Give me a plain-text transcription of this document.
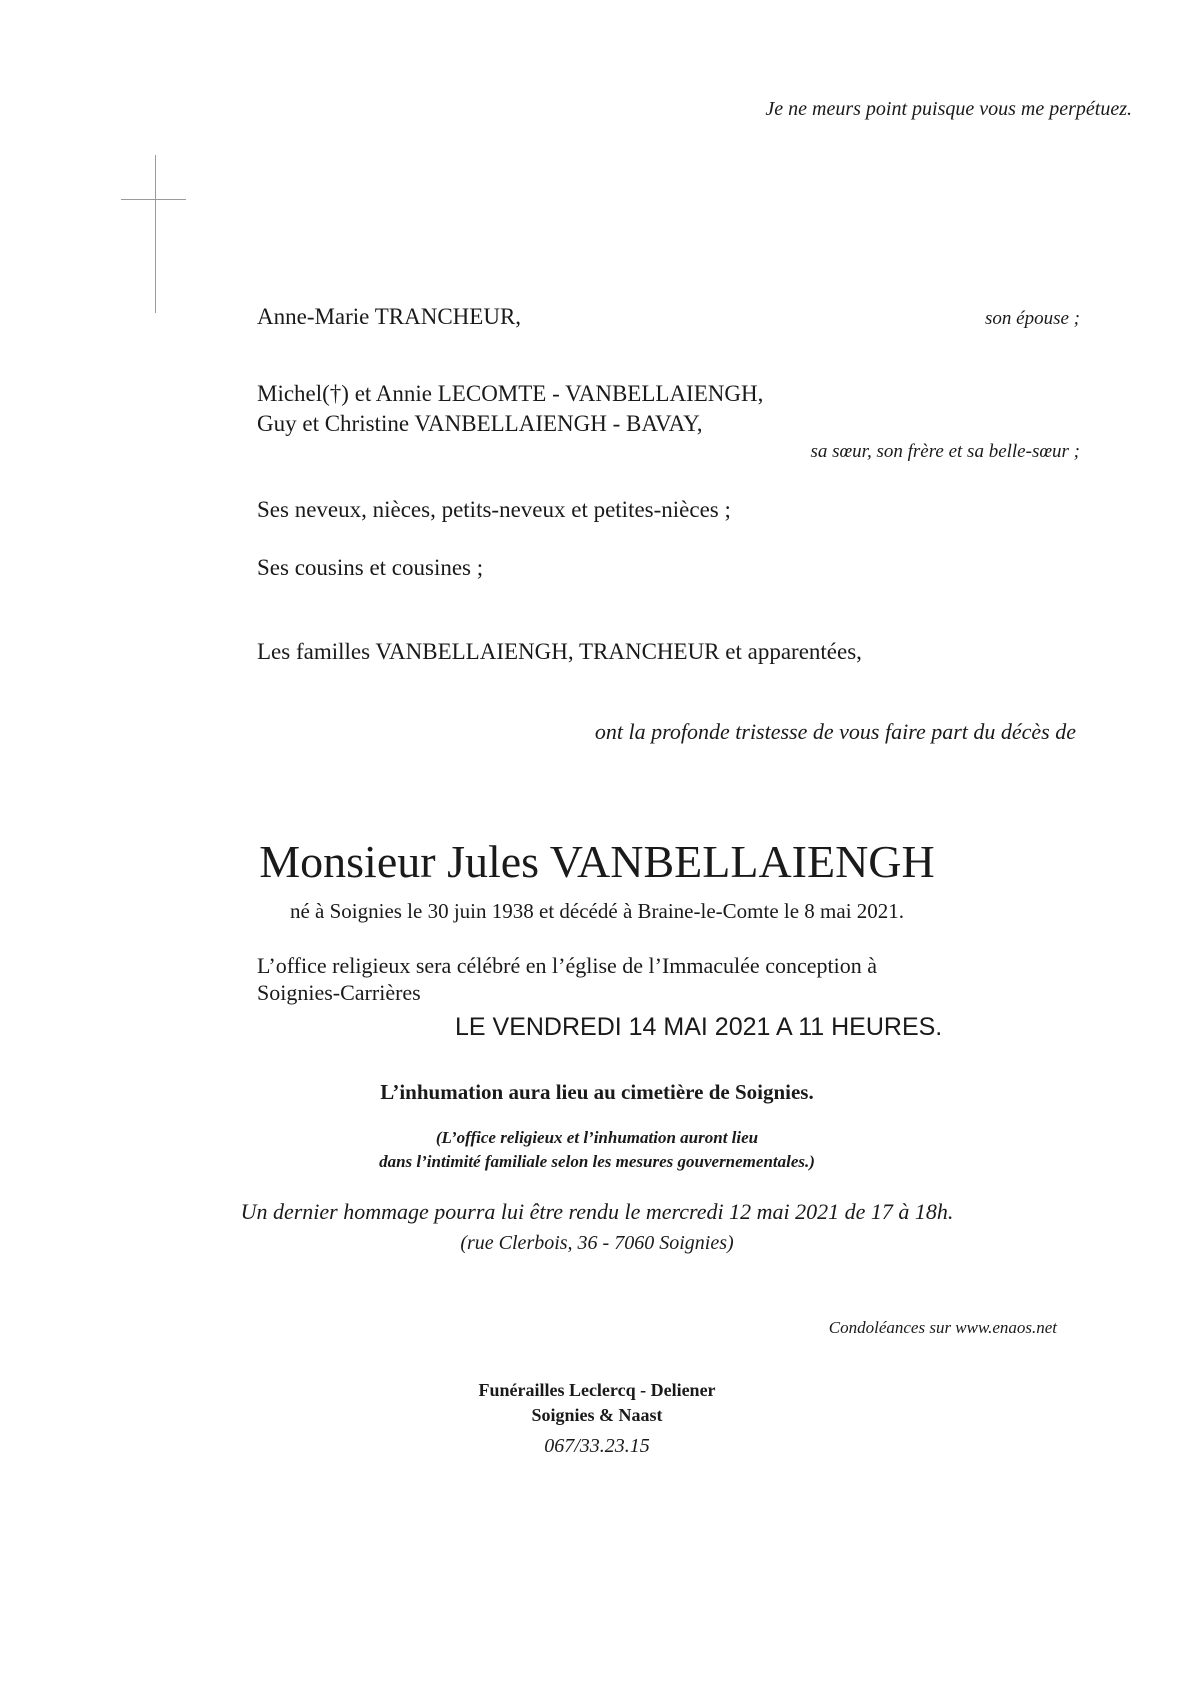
Je ne meurs point puisque vous me perpétuez.
Anne-Marie TRANCHEUR,	son épouse ;
Michel(†) et Annie LECOMTE - VANBELLAIENGH,
Guy et Christine VANBELLAIENGH - BAVAY,
sa sœur, son frère et sa belle-sœur ;
Ses neveux, nièces, petits-neveux et petites-nièces ;
Ses cousins et cousines ;
Les familles VANBELLAIENGH, TRANCHEUR et apparentées,
ont la profonde tristesse de vous faire part du décès de
Monsieur Jules VANBELLAIENGH
né à Soignies le 30 juin 1938 et décédé à Braine-le-Comte le 8 mai 2021.
L’office religieux sera célébré en l’église de l’Immaculée conception à
Soignies-Carrières
LE VENDREDI 14 MAI 2021 A 11 HEURES.
L’inhumation aura lieu au cimetière de Soignies.
(L’office religieux et l’inhumation auront lieu
dans l’intimité familiale selon les mesures gouvernementales.)
Un dernier hommage pourra lui être rendu le mercredi 12 mai 2021 de 17 à 18h.
(rue Clerbois, 36 - 7060 Soignies)
Condoléances sur www.enaos.net
Funérailles Leclercq - Deliener
Soignies & Naast
067/33.23.15
